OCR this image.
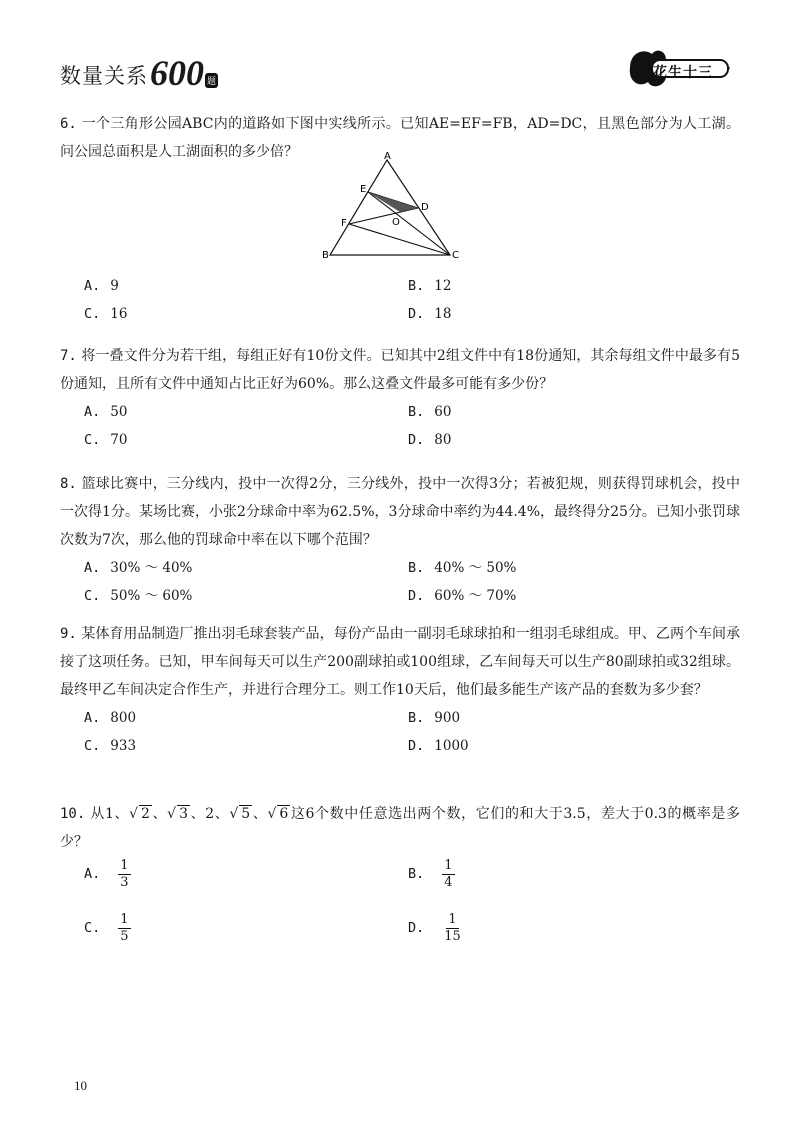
数量关系 600 题
花生十三

6. 一个三角形公园ABC内的道路如下图中实线所示。已知AE=EF=FB，AD=DC，且黑色部分为人工湖。问公园总面积是人工湖面积的多少倍？	A
E
D
F	O
B	C
A. 9	B. 12
C. 16	D. 18

7. 将一叠文件分为若干组，每组正好有10份文件。已知其中2组文件中有18份通知，其余每组文件中最多有5份通知，且所有文件中通知占比正好为60%。那么这叠文件最多可能有多少份？

A. 50	B. 60
C. 70	D. 80

8. 篮球比赛中，三分线内，投中一次得2分，三分线外，投中一次得3分；若被犯规，则获得罚球机会，投中一次得1分。某场比赛，小张2分球命中率为62.5%，3分球命中率约为44.4%，最终得分25分。已知小张罚球次数为7次，那么他的罚球命中率在以下哪个范围？

A. 30% ～ 40%	B. 40% ～ 50%
C. 50% ～ 60%	D. 60% ～ 70%

9. 某体育用品制造厂推出羽毛球套装产品，每份产品由一副羽毛球球拍和一组羽毛球组成。甲、乙两个车间承接了这项任务。已知，甲车间每天可以生产200副球拍或100组球，乙车间每天可以生产80副球拍或32组球。最终甲乙车间决定合作生产，并进行合理分工。则工作10天后，他们最多能生产该产品的套数为多少套？

A. 800	B. 900
C. 933	D. 1000

10. 从1、√ 2 、√ 3 、2、√ 5 、√ 6 这6个数中任意选出两个数，它们的和大于3.5，差大于0.3的概率是多少？

A. $\frac{1}{3}$	B. $\frac{1}{4}$
C. $\frac{1}{5}$	D. $\frac{1}{15}$
10
